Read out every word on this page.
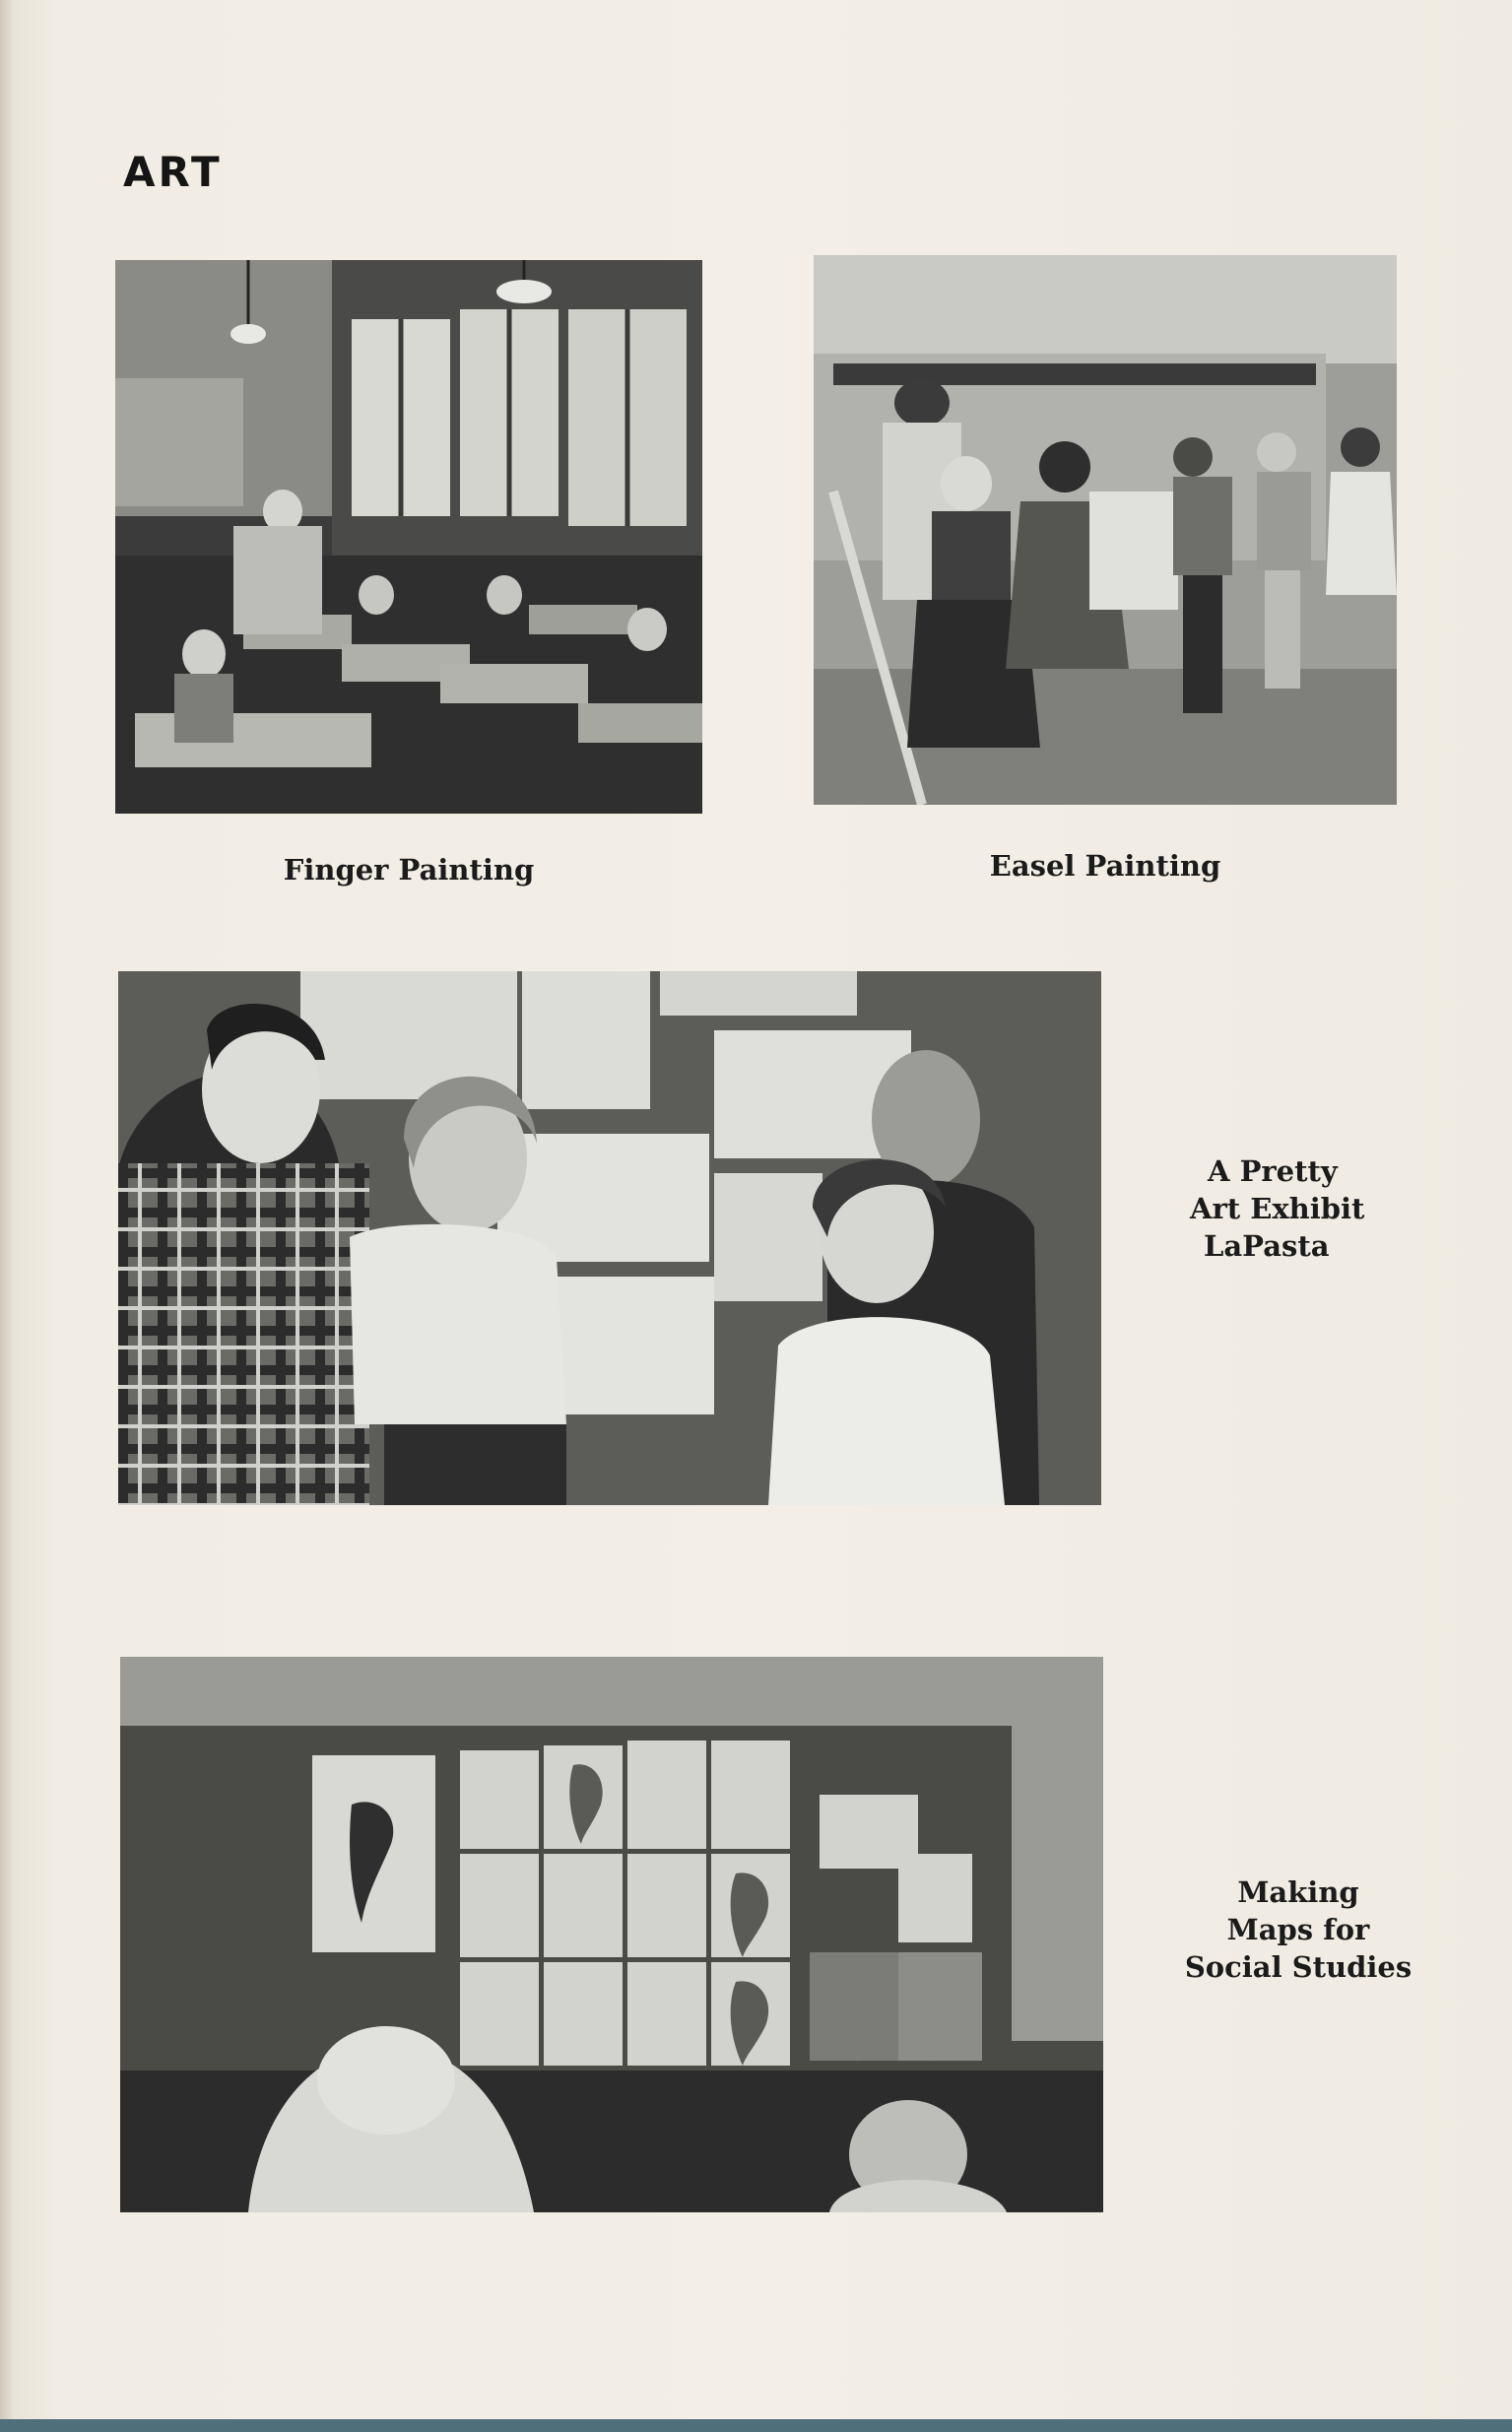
ART
Finger Painting	Easel Painting
A Pretty
Art Exhibit
LaPasta
Making
Maps for
Social Studies
